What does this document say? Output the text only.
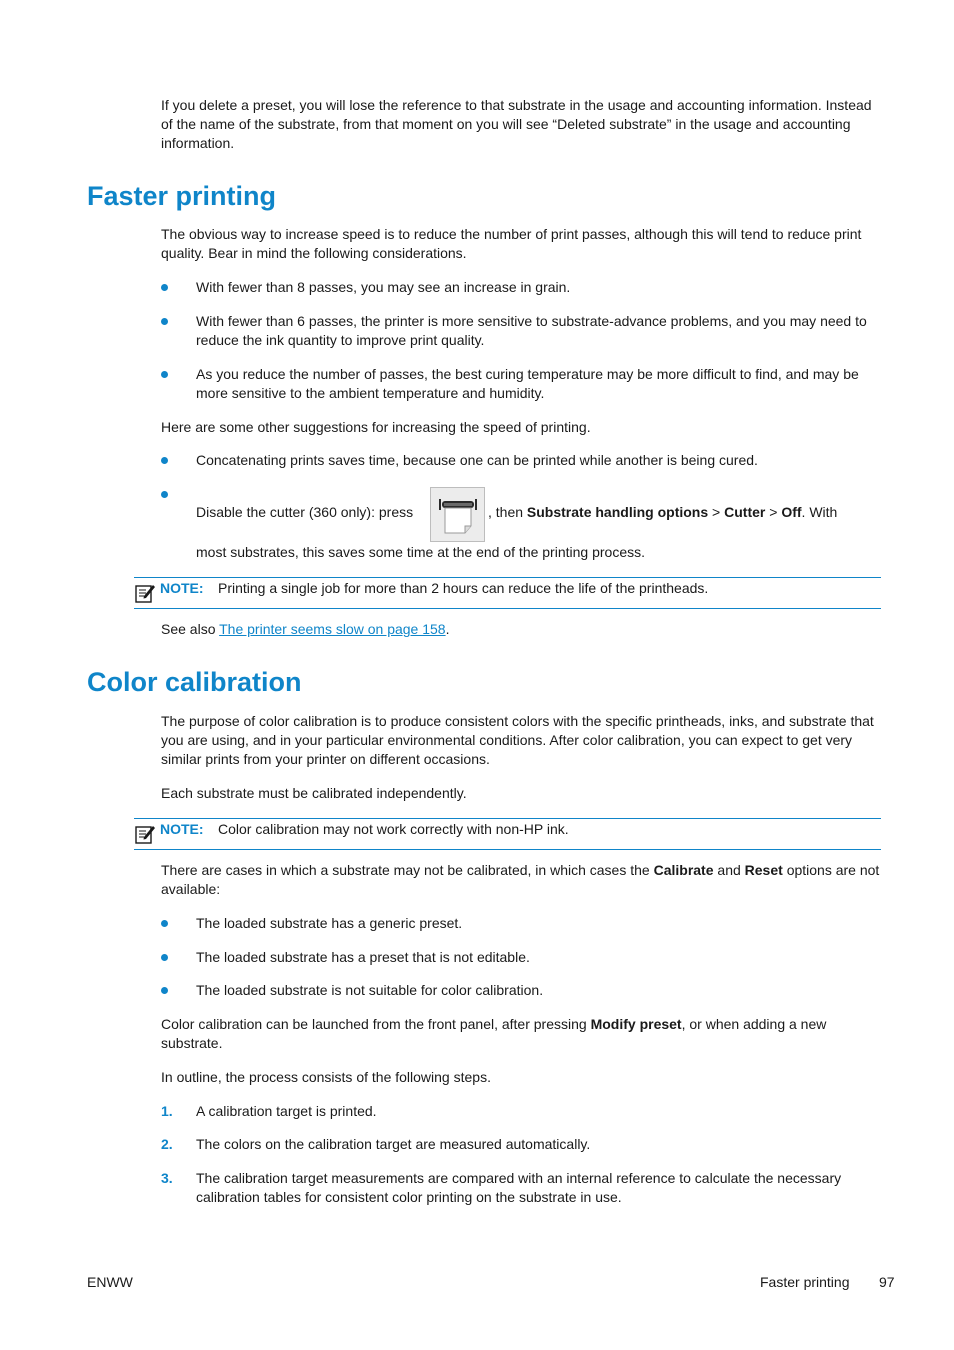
If you delete a preset, you will lose the reference to that substrate in the usage and accounting information. Instead of the name of the substrate, from that moment on you will see “Deleted substrate” in the usage and accounting information.

Faster printing

The obvious way to increase speed is to reduce the number of print passes, although this will tend to reduce print quality. Bear in mind the following considerations.

With fewer than 8 passes, you may see an increase in grain.
With fewer than 6 passes, the printer is more sensitive to substrate-advance problems, and you may need to reduce the ink quantity to improve print quality.
As you reduce the number of passes, the best curing temperature may be more difficult to find, and may be more sensitive to the ambient temperature and humidity.

Here are some other suggestions for increasing the speed of printing.

Concatenating prints saves time, because one can be printed while another is being cured.
Disable the cutter (360 only): press	, then Substrate handling options > Cutter > Off. With
most substrates, this saves some time at the end of the printing process.
NOTE: Printing a single job for more than 2 hours can reduce the life of the printheads.

See also The printer seems slow on page 158.

Color calibration

The purpose of color calibration is to produce consistent colors with the specific printheads, inks, and substrate that you are using, and in your particular environmental conditions. After color calibration, you can expect to get very similar prints from your printer on different occasions.

Each substrate must be calibrated independently.

NOTE: Color calibration may not work correctly with non-HP ink.

There are cases in which a substrate may not be calibrated, in which cases the Calibrate and Reset options are not available:

The loaded substrate has a generic preset.
The loaded substrate has a preset that is not editable.
The loaded substrate is not suitable for color calibration.

Color calibration can be launched from the front panel, after pressing Modify preset, or when adding a new substrate.

In outline, the process consists of the following steps.

1. A calibration target is printed.
2. The colors on the calibration target are measured automatically.
3. The calibration target measurements are compared with an internal reference to calculate the necessary calibration tables for consistent color printing on the substrate in use.
ENWW	Faster printing 97
